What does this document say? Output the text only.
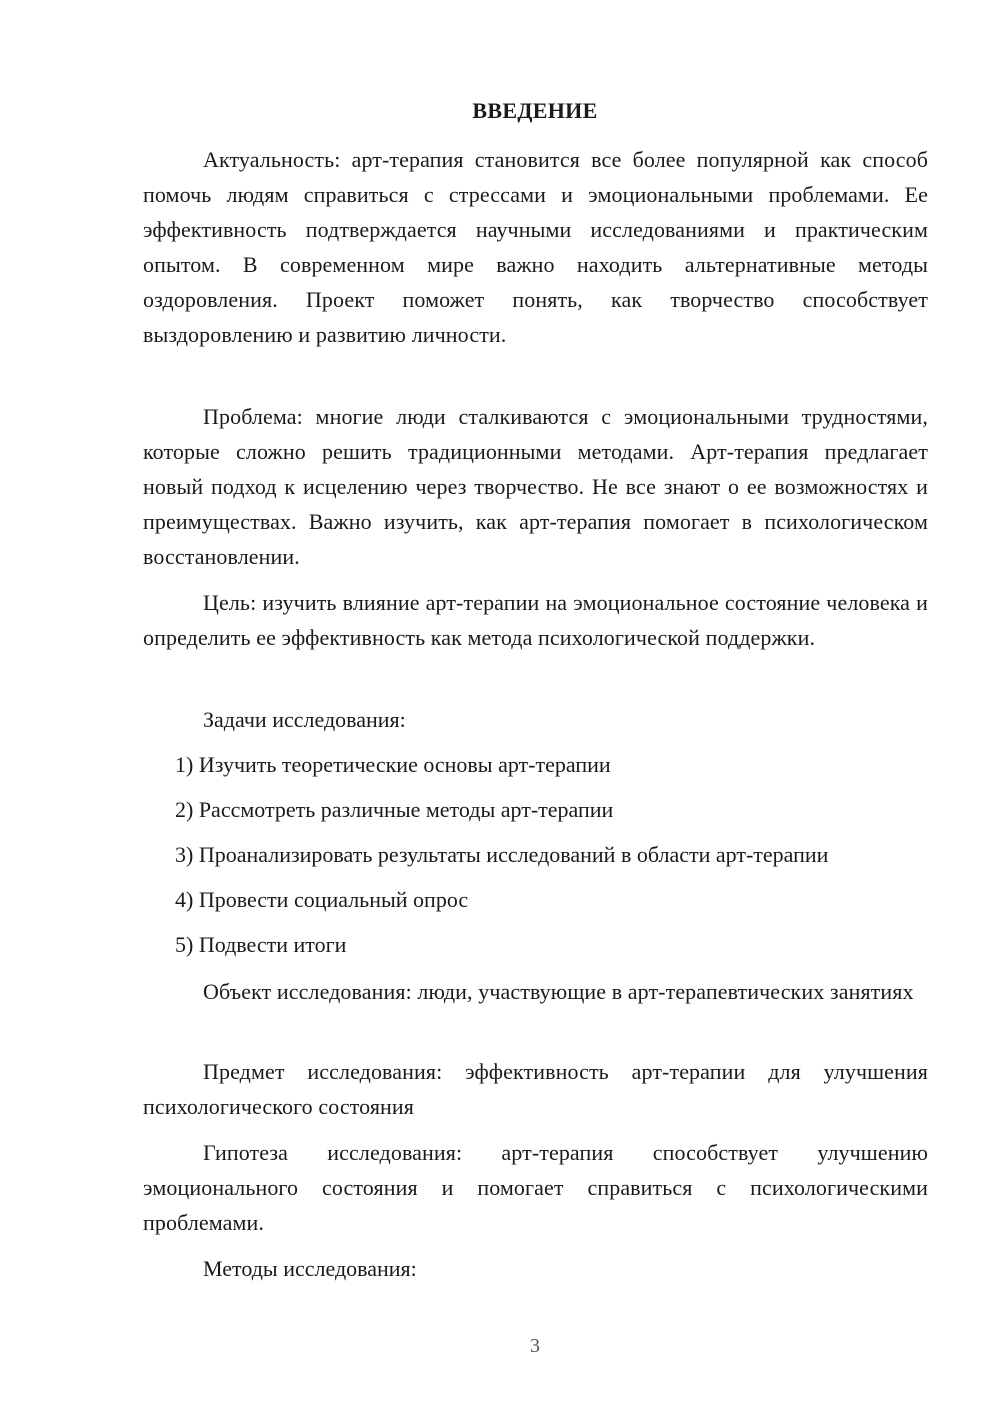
ВВЕДЕНИЕ

Актуальность: арт-терапия становится все более популярной как способ помочь людям справиться с стрессами и эмоциональными проблемами. Ее эффективность подтверждается научными исследованиями и практическим опытом. В современном мире важно находить альтернативные методы оздоровления. Проект поможет понять, как творчество способствует выздоровлению и развитию личности.

Проблема: многие люди сталкиваются с эмоциональными трудностями, которые сложно решить традиционными методами. Арт-терапия предлагает новый подход к исцелению через творчество. Не все знают о ее возможностях и преимуществах. Важно изучить, как арт-терапия помогает в психологическом восстановлении.

Цель: изучить влияние арт-терапии на эмоциональное состояние человека и определить ее эффективность как метода психологической поддержки.

Задачи исследования:

1) Изучить теоретические основы арт-терапии

2) Рассмотреть различные методы арт-терапии

3) Проанализировать результаты исследований в области арт-терапии

4) Провести социальный опрос

5) Подвести итоги

Объект исследования: люди, участвующие в арт-терапевтических занятиях

Предмет исследования: эффективность арт-терапии для улучшения психологического состояния

Гипотеза исследования: арт-терапия способствует улучшению эмоционального состояния и помогает справиться с психологическими проблемами.

Методы исследования:

3
